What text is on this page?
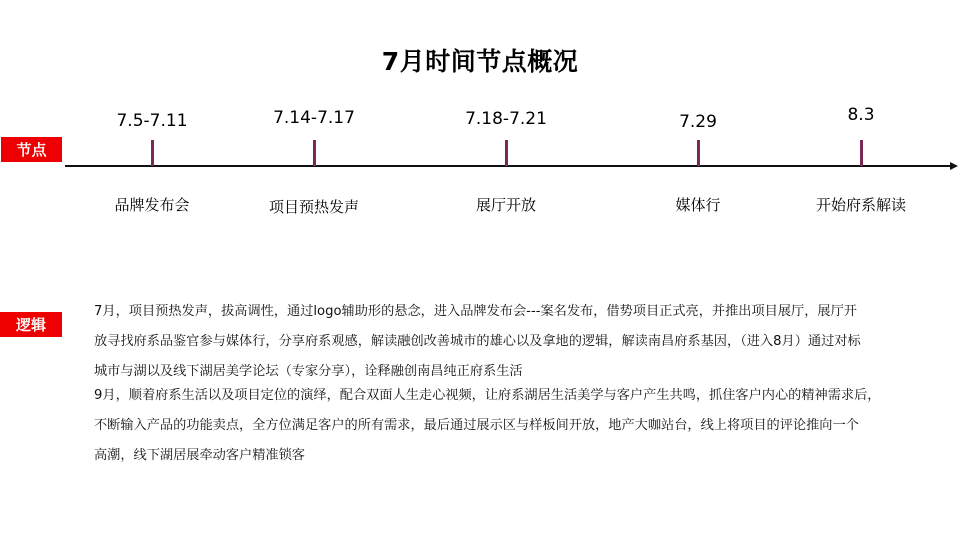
7月时间节点概况
节点
7.5-7.11
品牌发布会
7.14-7.17
项目预热发声
7.18-7.21
展厅开放
7.29
媒体行
8.3
开始府系解读
逻辑

7月，项目预热发声，拔高调性，通过logo辅助形的悬念，进入品牌发布会---案名发布，借势项目正式亮，并推出项目展厅，展厅开

放寻找府系品鉴官参与媒体行，分享府系观感，解读融创改善城市的雄心以及拿地的逻辑，解读南昌府系基因，（进入8月）通过对标

城市与湖以及线下湖居美学论坛（专家分享），诠释融创南昌纯正府系生活

9月，顺着府系生活以及项目定位的演绎，配合双面人生走心视频，让府系湖居生活美学与客户产生共鸣，抓住客户内心的精神需求后，

不断输入产品的功能卖点，全方位满足客户的所有需求，最后通过展示区与样板间开放，地产大咖站台，线上将项目的评论推向一个

高潮，线下湖居展牵动客户精准锁客
